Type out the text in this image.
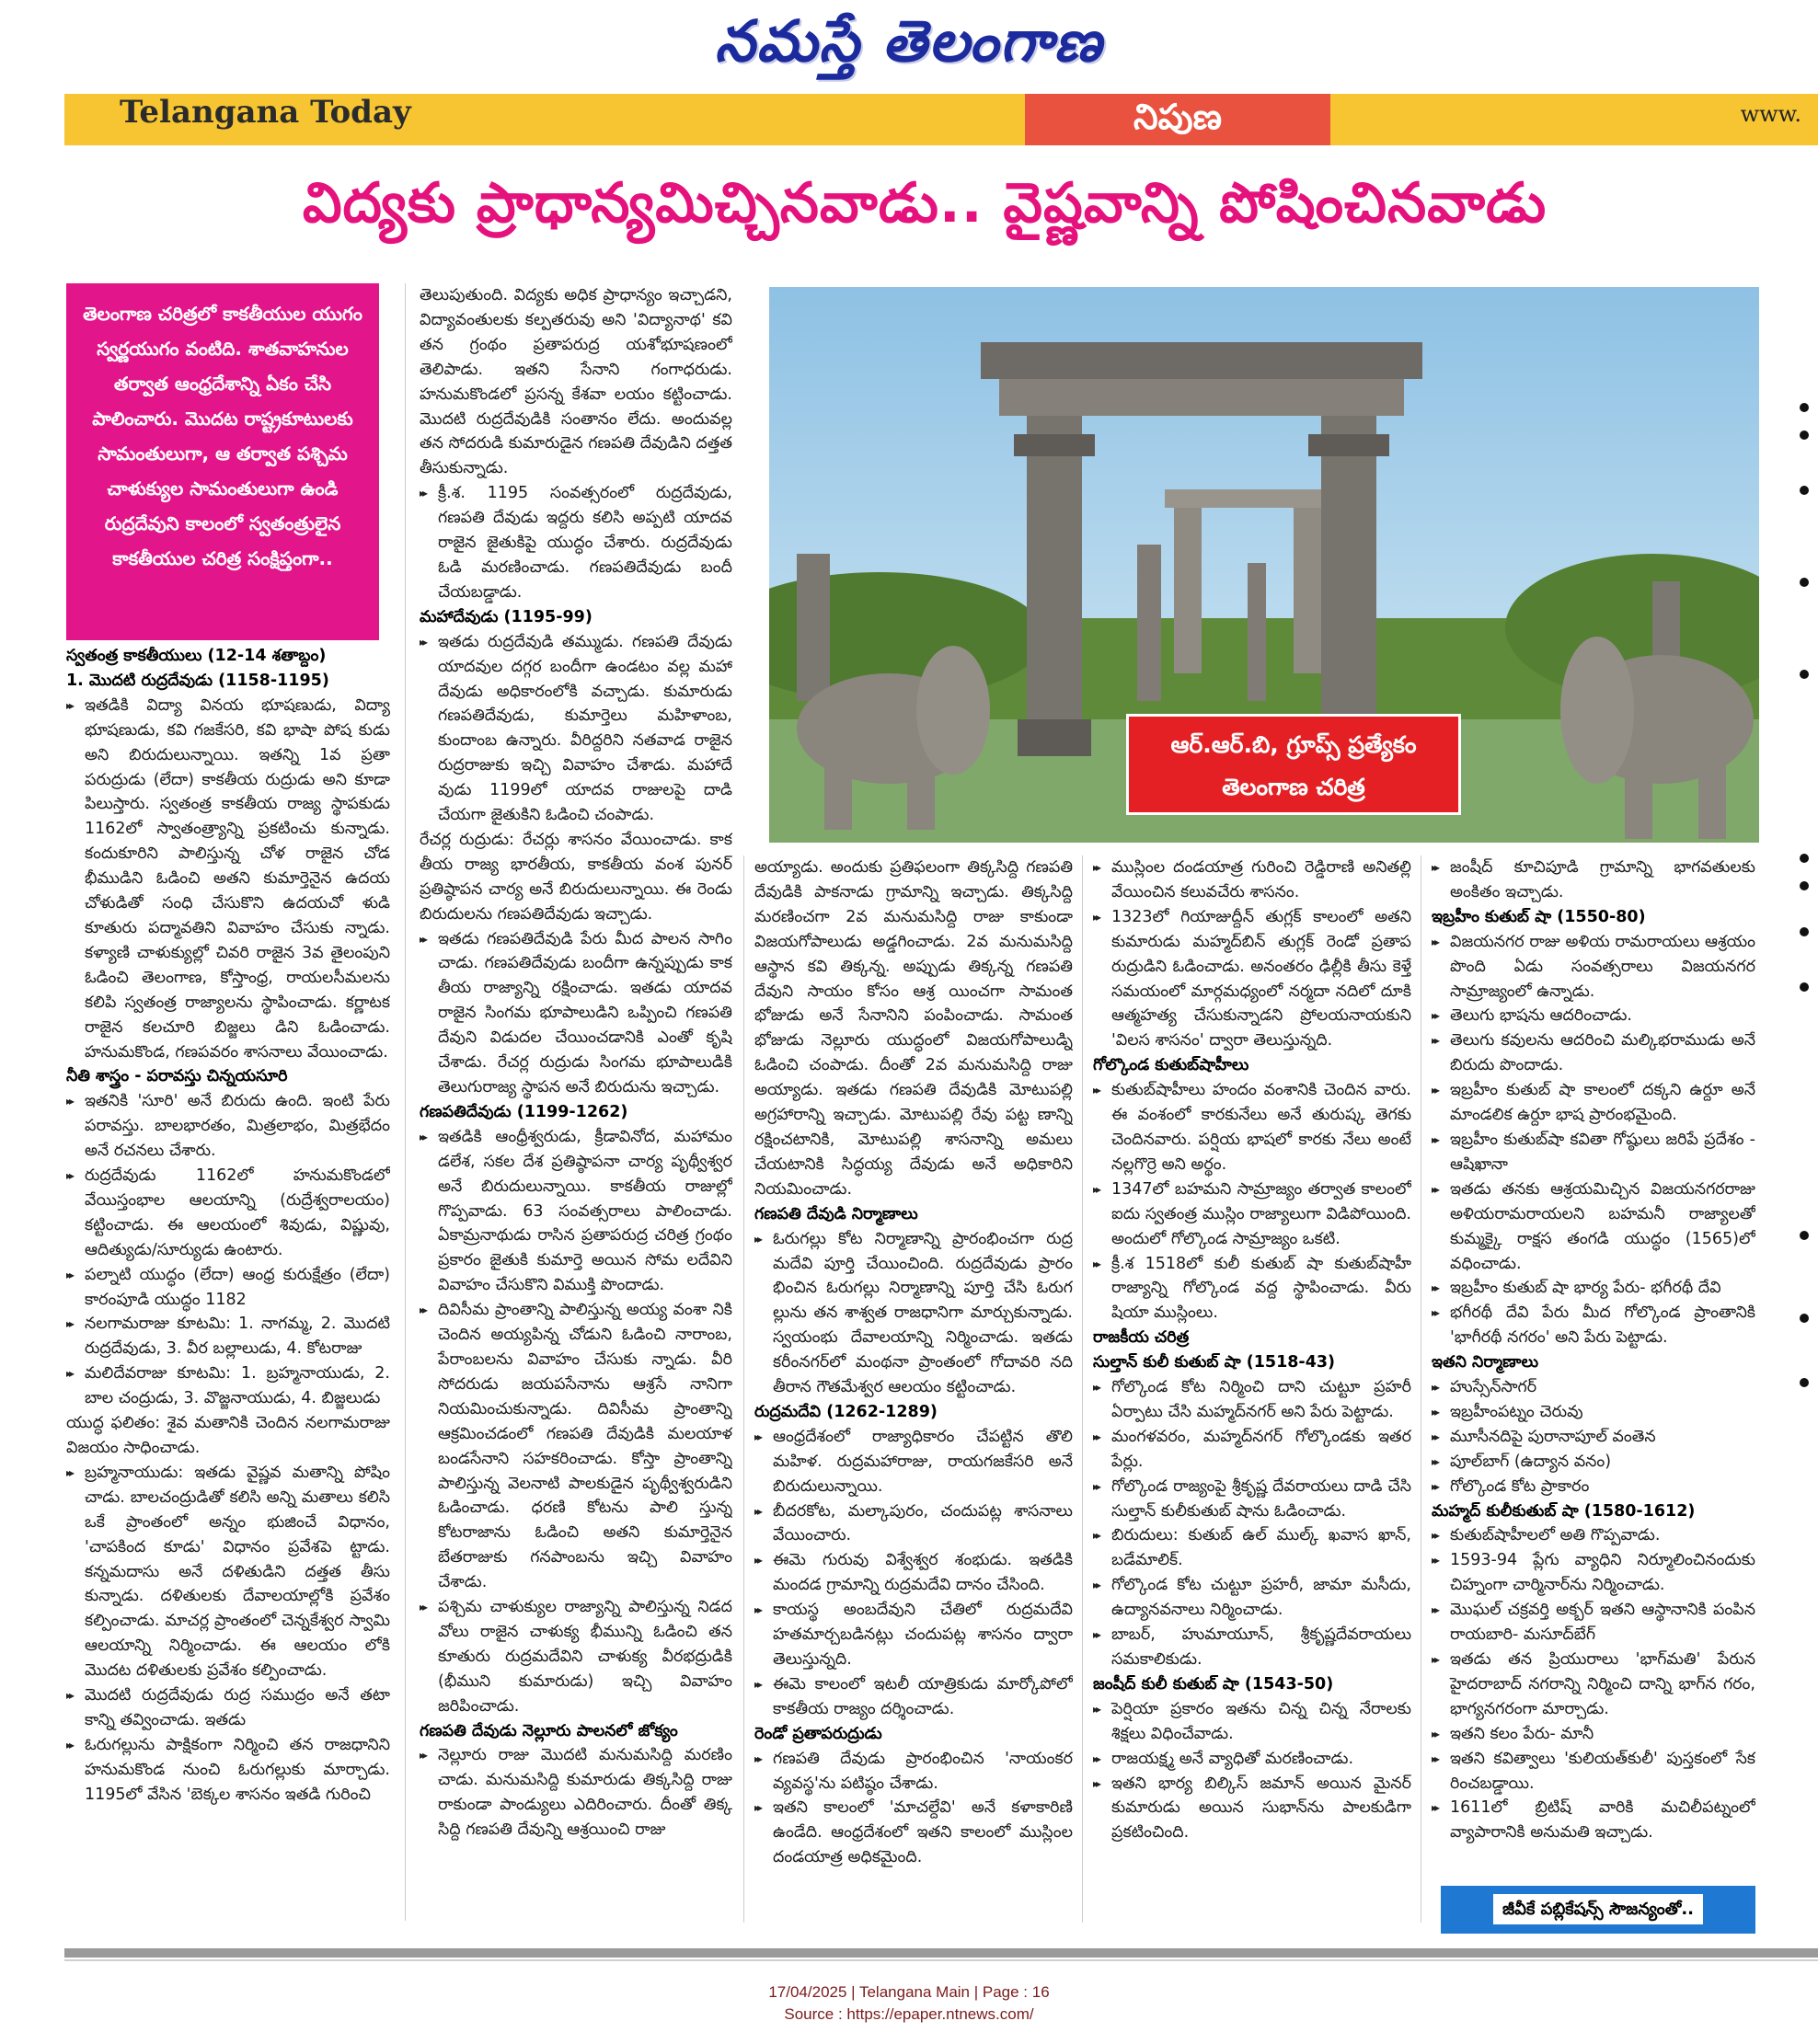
నమస్తే తెలంగాణ
Telangana Today	నిపుణ	www.
విద్యకు ప్రాధాన్యమిచ్చినవాడు.. వైష్ణవాన్ని పోషించినవాడు
తెలంగాణ చరిత్రలో కాకతీయుల యుగం స్వర్ణయుగం వంటిది. శాతవాహనుల తర్వాత ఆంధ్రదేశాన్ని ఏకం చేసి పాలించారు. మొదట రాష్ట్రకూటులకు సామంతులుగా, ఆ తర్వాత పశ్చిమ చాళుక్యుల సామంతులుగా ఉండి రుద్రదేవుని కాలంలో స్వతంత్రులైన కాకతీయుల చరిత్ర సంక్షిప్తంగా..

స్వతంత్ర కాకతీయులు (12-14 శతాబ్దం)

1. మొదటి రుద్రదేవుడు (1158-1195)

▸▸ ఇతడికి విద్యా వినయ భూషణుడు, విద్యా భూషణుడు, కవి గజకేసరి, కవి భాషా పోష కుడు అని బిరుదులున్నాయి. ఇతన్ని 1వ ప్రతా పరుద్రుడు (లేదా) కాకతీయ రుద్రుడు అని కూడా పిలుస్తారు. స్వతంత్ర కాకతీయ రాజ్య స్థాపకుడు 1162లో స్వాతంత్ర్యాన్ని ప్రకటించు కున్నాడు. కందుకూరిని పాలిస్తున్న చోళ రాజైన చోడ భీముడిని ఓడించి అతని కుమార్తెనైన ఉదయ చోళుడితో సంధి చేసుకొని ఉదయచో ళుడి కూతురు పద్మావతిని వివాహం చేసుకు న్నాడు. కళ్యాణి చాళుక్యుల్లో చివరి రాజైన 3వ తైలంపుని ఓడించి తెలంగాణ, కోస్తాంధ్ర, రాయలసీమలను కలిపి స్వతంత్ర రాజ్యాలను స్థాపించాడు. కర్ణాటక రాజైన కలచూరి బిజ్జలు డిని ఓడించాడు. హనుమకొండ, గణపవరం శాసనాలు వేయించాడు.

నీతి శాస్త్రం - పరావస్తు చిన్నయసూరి

▸▸ ఇతనికి 'సూరి' అనే బిరుదు ఉంది. ఇంటి పేరు పరావస్తు. బాలభారతం, మిత్రలాభం, మిత్రభేదం అనే రచనలు చేశారు.

▸▸ రుద్రదేవుడు 1162లో హనుమకొండలో వేయిస్తంభాల ఆలయాన్ని (రుద్రేశ్వరాలయం) కట్టించాడు. ఈ ఆలయంలో శివుడు, విష్ణువు, ఆదిత్యుడు/సూర్యుడు ఉంటారు.

▸▸ పల్నాటి యుద్ధం (లేదా) ఆంధ్ర కురుక్షేత్రం (లేదా) కారంపూడి యుద్ధం 1182

▸▸ నలగామరాజు కూటమి: 1. నాగమ్మ, 2. మొదటి రుద్రదేవుడు, 3. వీర బల్లాలుడు, 4. కోటరాజు

▸▸ మలిదేవరాజు కూటమి: 1. బ్రహ్మనాయుడు, 2. బాల చంద్రుడు, 3. వొజ్జనాయుడు, 4. బిజ్జలుడు

యుద్ధ ఫలితం: శైవ మతానికి చెందిన నలగామరాజు విజయం సాధించాడు.

▸▸ బ్రహ్మనాయుడు: ఇతడు వైష్ణవ మతాన్ని పోషిం చాడు. బాలచంద్రుడితో కలిసి అన్ని మతాలు కలిసి ఒకే ప్రాంతంలో అన్నం భుజించే విధానం, 'చాపకింద కూడు' విధానం ప్రవేశపె ట్టాడు. కన్నమదాసు అనే దళితుడిని దత్తత తీసు కున్నాడు. దళితులకు దేవాలయాల్లోకి ప్రవేశం కల్పించాడు. మాచర్ల ప్రాంతంలో చెన్నకేశ్వర స్వామి ఆలయాన్ని నిర్మించాడు. ఈ ఆలయం లోకి మొదట దళితులకు ప్రవేశం కల్పించాడు.

▸▸ మొదటి రుద్రదేవుడు రుద్ర సముద్రం అనే తటా కాన్ని తవ్వించాడు. ఇతడు

▸▸ ఓరుగల్లును పాక్షికంగా నిర్మించి తన రాజధానిని హనుమకొండ నుంచి ఓరుగల్లుకు మార్చాడు. 1195లో వేసిన 'బెక్కల శాసనం ఇతడి గురించి

తెలుపుతుంది. విద్యకు అధిక ప్రాధాన్యం ఇచ్చాడని, విద్యావంతులకు కల్పతరువు అని 'విద్యానాథ' కవి తన గ్రంథం ప్రతాపరుద్ర యశోభూషణంలో తెలిపాడు. ఇతని సేనాని గంగాధరుడు. హనుమకొండలో ప్రసన్న కేశవా లయం కట్టించాడు. మొదటి రుద్రదేవుడికి సంతానం లేదు. అందువల్ల తన సోదరుడి కుమారుడైన గణపతి దేవుడిని దత్తత తీసుకున్నాడు.

▸▸ క్రీ.శ. 1195 సంవత్సరంలో రుద్రదేవుడు, గణపతి దేవుడు ఇద్దరు కలిసి అప్పటి యాదవ రాజైన జైతుకిపై యుద్ధం చేశారు. రుద్రదేవుడు ఓడి మరణించాడు. గణపతిదేవుడు బందీ చేయబడ్డాడు.

మహాదేవుడు (1195-99)

▸▸ ఇతడు రుద్రదేవుడి తమ్ముడు. గణపతి దేవుడు యాదవుల దగ్గర బందీగా ఉండటం వల్ల మహా దేవుడు అధికారంలోకి వచ్చాడు. కుమారుడు గణపతిదేవుడు, కుమార్తెలు మహిళాంబ, కుందాంబ ఉన్నారు. వీరిద్దరిని నతవాడ రాజైన రుద్రరాజుకు ఇచ్చి వివాహం చేశాడు. మహాదే వుడు 1199లో యాదవ రాజులపై దాడి చేయగా జైతుకిని ఓడించి చంపాడు.

రేచర్ల రుద్రుడు: రేచర్లు శాసనం వేయించాడు. కాక తీయ రాజ్య భారతీయ, కాకతీయ వంశ పునర్ ప్రతిష్ఠాపన చార్య అనే బిరుదులున్నాయి. ఈ రెండు బిరుదులను గణపతిదేవుడు ఇచ్చాడు.

▸▸ ఇతడు గణపతిదేవుడి పేరు మీద పాలన సాగిం చాడు. గణపతిదేవుడు బందీగా ఉన్నప్పుడు కాక తీయ రాజ్యాన్ని రక్షించాడు. ఇతడు యాదవ రాజైన సింగమ భూపాలుడిని ఒప్పించి గణపతి దేవుని విడుదల చేయించడానికి ఎంతో కృషి చేశాడు. రేచర్ల రుద్రుడు సింగమ భూపాలుడికి తెలుగురాజ్య స్థాపన అనే బిరుదును ఇచ్చాడు.

గణపతిదేవుడు (1199-1262)

▸▸ ఇతడికి ఆంధ్రీశ్వరుడు, క్రీడావినోద, మహామం డలేశ, సకల దేశ ప్రతిష్ఠాపనా చార్య పృథ్వీశ్వర అనే బిరుదులున్నాయి. కాకతీయ రాజుల్లో గొప్పవాడు. 63 సంవత్సరాలు పాలించాడు. ఏకామ్రనాథుడు రాసిన ప్రతాపరుద్ర చరిత్ర గ్రంథం ప్రకారం జైతుకి కుమార్తె అయిన సోమ లదేవిని వివాహం చేసుకొని విముక్తి పొందాడు.

▸▸ దివిసీమ ప్రాంతాన్ని పాలిస్తున్న అయ్య వంశా నికి చెందిన అయ్యపిన్న చోడుని ఓడించి నారాంబ, పేరాంబలను వివాహం చేసుకు న్నాడు. వీరి సోదరుడు జయపసేనాను ఆశ్రసే నానిగా నియమించుకున్నాడు. దివిసీమ ప్రాంతాన్ని ఆక్రమించడంలో గణపతి దేవుడికి మలయాళ బండసేనాని సహకరించాడు. కోస్తా ప్రాంతాన్ని పాలిస్తున్న వెలనాటి పాలకుడైన పృథ్వీశ్వరుడిని ఓడించాడు. ధరణి కోటను పాలి స్తున్న కోటరాజాను ఓడించి అతని కుమార్తెనైన బేతరాజుకు గనపాంబను ఇచ్చి వివాహం చేశాడు.

▸▸ పశ్చిమ చాళుక్యుల రాజ్యాన్ని పాలిస్తున్న నిడద వోలు రాజైన చాళుక్య భీమున్ని ఓడించి తన కూతురు రుద్రమదేవిని చాళుక్య వీరభద్రుడికి (భీముని కుమారుడు) ఇచ్చి వివాహం జరిపించాడు.

గణపతి దేవుడు నెల్లూరు పాలనలో జోక్యం

▸▸ నెల్లూరు రాజు మొదటి మనుమసిద్ది మరణిం చాడు. మనుమసిద్ది కుమారుడు తిక్కసిద్ది రాజు రాకుండా పాండ్యులు ఎదిరించారు. దీంతో తిక్క సిద్ది గణపతి దేవున్ని ఆశ్రయించి రాజు

ఆర్.ఆర్.బి, గ్రూప్స్ ప్రత్యేకం
తెలంగాణ చరిత్ర

అయ్యాడు. అందుకు ప్రతిఫలంగా తిక్కసిద్ది గణపతి దేవుడికి పాకనాడు గ్రామాన్ని ఇచ్చాడు. తిక్కసిద్ది మరణించగా 2వ మనుమసిద్ది రాజు కాకుండా విజయగోపాలుడు అడ్డగించాడు. 2వ మనుమసిద్ది ఆస్థాన కవి తిక్కన్న. అప్పుడు తిక్కన్న గణపతి దేవుని సాయం కోసం ఆశ్ర యించగా సామంత భోజుడు అనే సేనానిని పంపించాడు. సామంత భోజుడు నెల్లూరు యుద్ధంలో విజయగోపాలుడ్ని ఓడించి చంపాడు. దీంతో 2వ మనుమసిద్ది రాజు అయ్యాడు. ఇతడు గణపతి దేవుడికి మోటుపల్లి అగ్రహారాన్ని ఇచ్చాడు. మోటుపల్లి రేవు పట్ట ణాన్ని రక్షించటానికి, మోటుపల్లి శాసనాన్ని అమలు చేయటానికి సిద్ధయ్య దేవుడు అనే అధికారిని నియమించాడు.

గణపతి దేవుడి నిర్మాణాలు

▸▸ ఓరుగల్లు కోట నిర్మాణాన్ని ప్రారంభించగా రుద్ర మదేవి పూర్తి చేయించింది. రుద్రదేవుడు ప్రారం భించిన ఓరుగల్లు నిర్మాణాన్ని పూర్తి చేసి ఓరుగ ల్లును తన శాశ్వత రాజధానిగా మార్చుకున్నాడు. స్వయంభు దేవాలయాన్ని నిర్మించాడు. ఇతడు కరీంనగర్‌లో మంథనా ప్రాంతంలో గోదావరి నది తీరాన గౌతమేశ్వర ఆలయం కట్టించాడు.

రుద్రమదేవి (1262-1289)

▸▸ ఆంధ్రదేశంలో రాజ్యాధికారం చేపట్టిన తొలి మహిళ. రుద్రమహారాజు, రాయగజకేసరి అనే బిరుదులున్నాయి.

▸▸ బీదరకోట, మల్కాపురం, చందుపట్ల శాసనాలు వేయించారు.

▸▸ ఈమె గురువు విశ్వేశ్వర శంభుడు. ఇతడికి మందడ గ్రామాన్ని రుద్రమదేవి దానం చేసింది.

▸▸ కాయస్థ అంబదేవుని చేతిలో రుద్రమదేవి హతమార్చబడినట్లు చందుపట్ల శాసనం ద్వారా తెలుస్తున్నది.

▸▸ ఈమె కాలంలో ఇటలీ యాత్రికుడు మార్కోపోలో కాకతీయ రాజ్యం దర్శించాడు.

రెండో ప్రతాపరుద్రుడు

▸▸ గణపతి దేవుడు ప్రారంభించిన 'నాయంకర వ్యవస్థ'ను పటిష్ఠం చేశాడు.

▸▸ ఇతని కాలంలో 'మాచల్దేవి' అనే కళాకారిణి ఉండేది. ఆంధ్రదేశంలో ఇతని కాలంలో ముస్లింల దండయాత్ర అధికమైంది.

▸▸ ముస్లింల దండయాత్ర గురించి రెడ్డిరాణి అనితల్లి వేయించిన కలువచేరు శాసనం.

▸▸ 1323లో గియాజుద్దీన్ తుగ్లక్ కాలంలో అతని కుమారుడు మహ్మద్‌బిన్ తుగ్లక్ రెండో ప్రతాప రుద్రుడిని ఓడించాడు. అనంతరం ఢిల్లీకి తీసు కెళ్తే సమయంలో మార్గమధ్యంలో నర్మదా నదిలో దూకి ఆత్మహత్య చేసుకున్నాడని ప్రోలయనాయకుని 'విలస శాసనం' ద్వారా తెలుస్తున్నది.

గోల్కొండ కుతుబ్‌షాహీలు

▸▸ కుతుబ్‌షాహీలు హందం వంశానికి చెందిన వారు. ఈ వంశంలో కారకునేలు అనే తురుష్క తెగకు చెందినవారు. పర్షియ భాషలో కారకు నేలు అంటే నల్లగొర్రె అని అర్థం.

▸▸ 1347లో బహమని సామ్రాజ్యం తర్వాత కాలంలో ఐదు స్వతంత్ర ముస్లిం రాజ్యాలుగా విడిపోయింది. అందులో గోల్కొండ సామ్రాజ్యం ఒకటి.

▸▸ క్రీ.శ 1518లో కులీ కుతుబ్ షా కుతుబ్‌షాహీ రాజ్యాన్ని గోల్కొండ వద్ద స్థాపించాడు. వీరు షియా ముస్లింలు.

రాజకీయ చరిత్ర

సుల్తాన్ కులీ కుతుబ్ షా (1518-43)

▸▸ గోల్కొండ కోట నిర్మించి దాని చుట్టూ ప్రహరీ ఏర్పాటు చేసి మహ్మద్‌నగర్ అని పేరు పెట్టాడు.

▸▸ మంగళవరం, మహ్మద్‌నగర్ గోల్కొండకు ఇతర పేర్లు.

▸▸ గోల్కొండ రాజ్యంపై శ్రీకృష్ణ దేవరాయలు దాడి చేసి సుల్తాన్ కులీకుతుబ్ షాను ఓడించాడు.

▸▸ బిరుదులు: కుతుబ్ ఉల్ ముల్క్ ఖవాస ఖాన్, బడేమాలిక్.

▸▸ గోల్కొండ కోట చుట్టూ ప్రహరీ, జామా మసీదు, ఉద్యానవనాలు నిర్మించాడు.

▸▸ బాబర్, హుమాయూన్, శ్రీకృష్ణదేవరాయలు సమకాలికుడు.

జంషీద్ కులీ కుతుబ్ షా (1543-50)

▸▸ పెర్షియా ప్రకారం ఇతను చిన్న చిన్న నేరాలకు శిక్షలు విధించేవాడు.

▸▸ రాజయక్ష్మ అనే వ్యాధితో మరణించాడు.

▸▸ ఇతని భార్య బిల్కిస్ జమాన్ అయిన మైనర్ కుమారుడు అయిన సుభాన్‌ను పాలకుడిగా ప్రకటించింది.

▸▸ జంషీద్ కూచిపూడి గ్రామాన్ని భాగవతులకు అంకితం ఇచ్చాడు.

ఇబ్రహీం కుతుబ్ షా (1550-80)

▸▸ విజయనగర రాజు అళియ రామరాయలు ఆశ్రయం పొంది ఏడు సంవత్సరాలు విజయనగర సామ్రాజ్యంలో ఉన్నాడు.

▸▸ తెలుగు భాషను ఆదరించాడు.

▸▸ తెలుగు కవులను ఆదరించి మల్కిభరాముడు అనే బిరుదు పొందాడు.

▸▸ ఇబ్రహీం కుతుబ్ షా కాలంలో దక్కని ఉర్దూ అనే మాండలిక ఉర్దూ భాష ప్రారంభమైంది.

▸▸ ఇబ్రహీం కుతుబ్‌షా కవితా గోష్ఠులు జరిపే ప్రదేశం - ఆషిఖానా

▸▸ ఇతడు తనకు ఆశ్రయమిచ్చిన విజయనగరరాజు అళియరామరాయలని బహమనీ రాజ్యాలతో కుమ్మక్కై రాక్షస తంగడి యుద్ధం (1565)లో వధించాడు.

▸▸ ఇబ్రహీం కుతుబ్ షా భార్య పేరు- భగీరథీ దేవి

▸▸ భగీరథీ దేవి పేరు మీద గోల్కొండ ప్రాంతానికి 'భాగీరథీ నగరం' అని పేరు పెట్టాడు.

ఇతని నిర్మాణాలు

▸▸ హుస్సేన్‌సాగర్

▸▸ ఇబ్రహీంపట్నం చెరువు

▸▸ మూసీనదిపై పురానాపూల్ వంతెన

▸▸ పూల్‌బాగ్ (ఉద్యాన వనం)

▸▸ గోల్కొండ కోట ప్రాకారం

మహ్మద్ కులీకుతుబ్ షా (1580-1612)

▸▸ కుతుబ్‌షాహీలలో అతి గొప్పవాడు.

▸▸ 1593-94 ప్లేగు వ్యాధిని నిర్మూలించినందుకు చిహ్నంగా చార్మినార్‌ను నిర్మించాడు.

▸▸ మొఘల్ చక్రవర్తి అక్బర్ ఇతని ఆస్థానానికి పంపిన రాయబారి- మసూద్‌బేగ్

▸▸ ఇతడు తన ప్రియురాలు 'భాగ్‌మతి' పేరున హైదరాబాద్ నగరాన్ని నిర్మించి దాన్ని భాగ్‌న గరం, భాగ్యనగరంగా మార్చాడు.

▸▸ ఇతని కలం పేరు- మానీ

▸▸ ఇతని కవిత్వాలు 'కులియత్‌కులీ' పుస్తకంలో సేక రించబడ్డాయి.

▸▸ 1611లో బ్రిటిష్ వారికి మచిలీపట్నంలో వ్యాపారానికి అనుమతి ఇచ్చాడు.

జీవీకే పబ్లికేషన్స్ సౌజన్యంతో..
17/04/2025 | Telangana Main | Page : 16
Source : https://epaper.ntnews.com/
